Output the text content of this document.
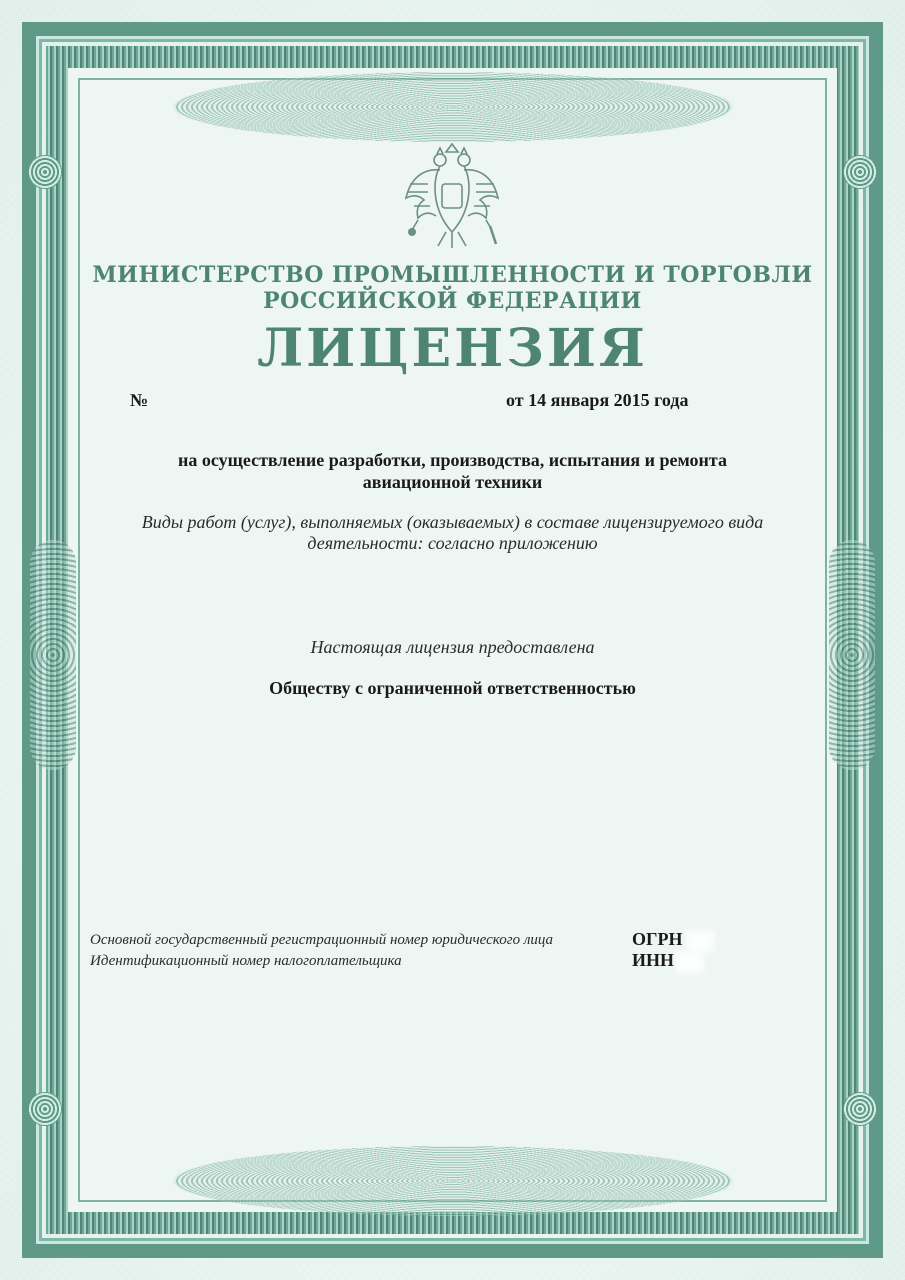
МИНИСТЕРСТВО ПРОМЫШЛЕННОСТИ И ТОРГОВЛИ

РОССИЙСКОЙ ФЕДЕРАЦИИ

ЛИЦЕНЗИЯ

№	от 14 января 2015 года

на осуществление разработки, производства, испытания и ремонта

авиационной техники

Виды работ (услуг), выполняемых (оказываемых) в составе лицензируемого вида

деятельности: согласно приложению

Настоящая лицензия предоставлена

Обществу с ограниченной ответственностью

Основной государственный регистрационный номер юридического лица	ОГРН

Идентификационный номер налогоплательщика	ИНН
